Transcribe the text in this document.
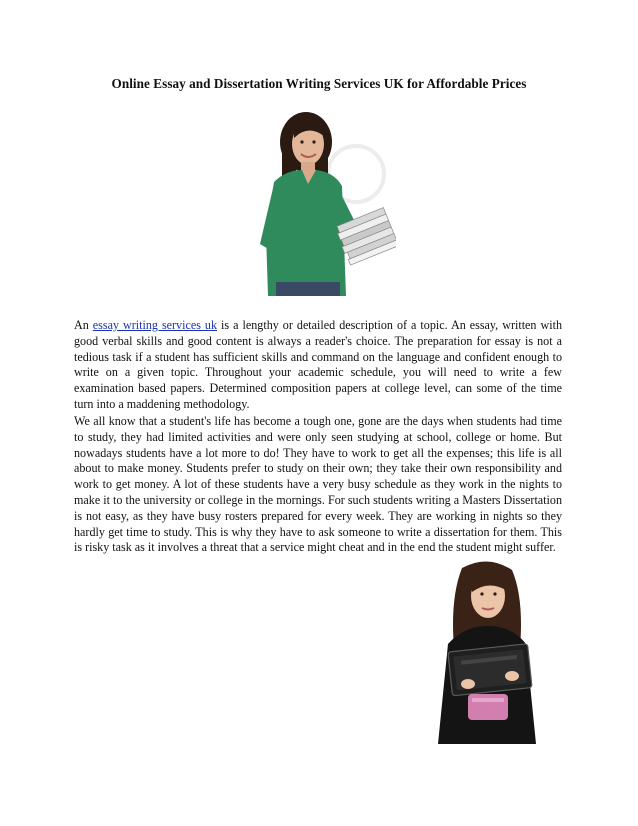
Online Essay and Dissertation Writing Services UK for Affordable Prices

An essay writing services uk is a lengthy or detailed description of a topic. An essay, written with good verbal skills and good content is always a reader's choice. The preparation for essay is not a tedious task if a student has sufficient skills and command on the language and confident enough to write on a given topic. Throughout your academic schedule, you will need to write a few examination based papers. Determined composition papers at college level, can some of the time turn into a maddening methodology.

We all know that a student's life has become a tough one, gone are the days when students had time to study, they had limited activities and were only seen studying at school, college or home. But nowadays students have a lot more to do! They have to work to get all the expenses; this life is all about to make money. Students prefer to study on their own; they take their own responsibility and work to get money. A lot of these students have a very busy schedule as they work in the nights to make it to the university or college in the mornings. For such students writing a Masters Dissertation is not easy, as they have busy rosters prepared for every week. They are working in nights so they hardly get time to study. This is why they have to ask someone to write a dissertation for them. This is risky task as it involves a threat that a service might cheat and in the end the student might suffer.
